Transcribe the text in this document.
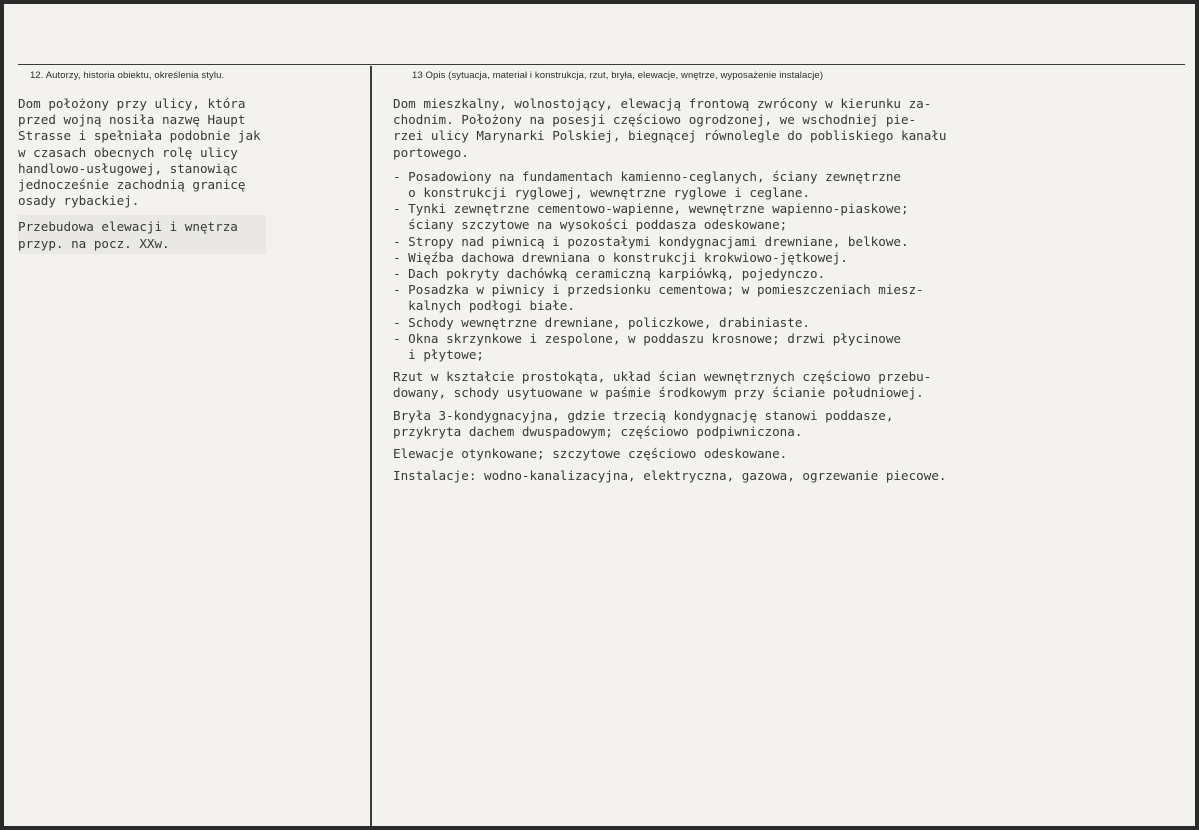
12. Autorzy, historia obiektu, określenia stylu.	13 Opis (sytuacja, materiał i konstrukcja, rzut, bryła, elewacje, wnętrze, wyposażenie instalacje)
Dom położony przy ulicy, która
przed wojną nosiła nazwę Haupt
Strasse i spełniała podobnie jak
w czasach obecnych rolę ulicy
handlowo-usługowej, stanowiąc
jednocześnie zachodnią granicę
osady rybackiej.
Przebudowa elewacji i wnętrza
przyp. na pocz. XXw.
Dom mieszkalny, wolnostojący, elewacją frontową zwrócony w kierunku za-
chodnim. Położony na posesji częściowo ogrodzonej, we wschodniej pie-
rzei ulicy Marynarki Polskiej, biegnącej równolegle do pobliskiego kanału
portowego.
- Posadowiony na fundamentach kamienno-ceglanych, ściany zewnętrzne
o konstrukcji ryglowej, wewnętrzne ryglowe i ceglane.
- Tynki zewnętrzne cementowo-wapienne, wewnętrzne wapienno-piaskowe;
ściany szczytowe na wysokości poddasza odeskowane;
- Stropy nad piwnicą i pozostałymi kondygnacjami drewniane, belkowe.
- Więźba dachowa drewniana o konstrukcji krokwiowo-jętkowej.
- Dach pokryty dachówką ceramiczną karpiówką, pojedynczo.
- Posadzka w piwnicy i przedsionku cementowa; w pomieszczeniach miesz-
kalnych podłogi białe.
- Schody wewnętrzne drewniane, policzkowe, drabiniaste.
- Okna skrzynkowe i zespolone, w poddaszu krosnowe; drzwi płycinowe
i płytowe;
Rzut w kształcie prostokąta, układ ścian wewnętrznych częściowo przebu-
dowany, schody usytuowane w paśmie środkowym przy ścianie południowej.
Bryła 3-kondygnacyjna, gdzie trzecią kondygnację stanowi poddasze,
przykryta dachem dwuspadowym; częściowo podpiwniczona.
Elewacje otynkowane; szczytowe częściowo odeskowane.
Instalacje: wodno-kanalizacyjna, elektryczna, gazowa, ogrzewanie piecowe.
